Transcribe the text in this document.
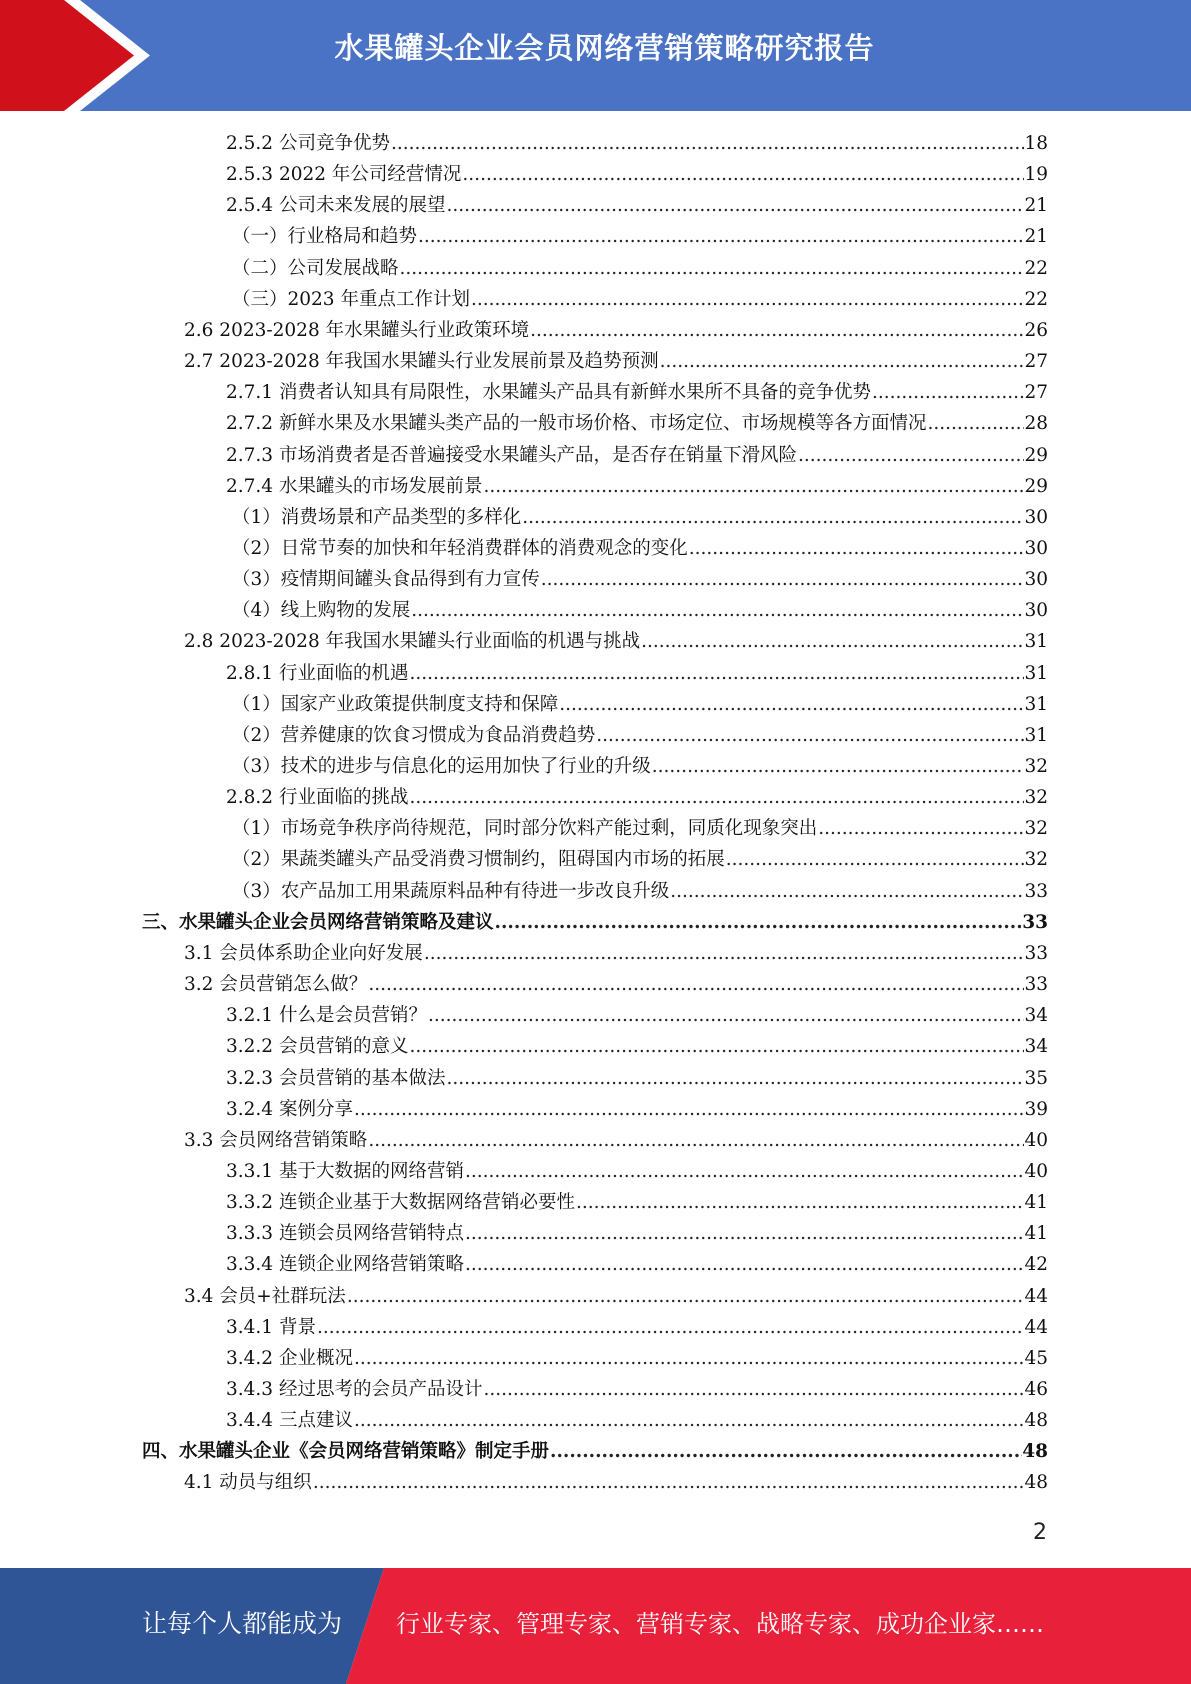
水果罐头企业会员网络营销策略研究报告
2.5.2 公司竞争优势 .....	18
2.5.3 2022 年公司经营情况 .....	19
2.5.4 公司未来发展的展望 .....	21
（一）行业格局和趋势 .....	21
（二）公司发展战略 .....	22
（三）2023 年重点工作计划 .....	22
2.6 2023-2028 年水果罐头行业政策环境 .....	26
2.7 2023-2028 年我国水果罐头行业发展前景及趋势预测 .....	27
2.7.1 消费者认知具有局限性，水果罐头产品具有新鲜水果所不具备的竞争优势 .....	27
2.7.2 新鲜水果及水果罐头类产品的一般市场价格、市场定位、市场规模等各方面情况 .....	28
2.7.3 市场消费者是否普遍接受水果罐头产品，是否存在销量下滑风险 .....	29
2.7.4 水果罐头的市场发展前景 .....	29
（1）消费场景和产品类型的多样化 .....	30
（2）日常节奏的加快和年轻消费群体的消费观念的变化 .....	30
（3）疫情期间罐头食品得到有力宣传 .....	30
（4）线上购物的发展 .....	30
2.8 2023-2028 年我国水果罐头行业面临的机遇与挑战 .....	31
2.8.1 行业面临的机遇 .....	31
（1）国家产业政策提供制度支持和保障 .....	31
（2）营养健康的饮食习惯成为食品消费趋势 .....	31
（3）技术的进步与信息化的运用加快了行业的升级 .....	32
2.8.2 行业面临的挑战 .....	32
（1）市场竞争秩序尚待规范，同时部分饮料产能过剩，同质化现象突出 .....	32
（2）果蔬类罐头产品受消费习惯制约，阻碍国内市场的拓展 .....	32
（3）农产品加工用果蔬原料品种有待进一步改良升级 .....	33
三、水果罐头企业会员网络营销策略及建议 .....	33
3.1 会员体系助企业向好发展 .....	33
3.2 会员营销怎么做？ .....	33
3.2.1 什么是会员营销？ .....	34
3.2.2 会员营销的意义 .....	34
3.2.3 会员营销的基本做法 .....	35
3.2.4 案例分享 .....	39
3.3 会员网络营销策略 .....	40
3.3.1 基于大数据的网络营销 .....	40
3.3.2 连锁企业基于大数据网络营销必要性 .....	41
3.3.3 连锁会员网络营销特点 .....	41
3.3.4 连锁企业网络营销策略 .....	42
3.4 会员+社群玩法 .....	44
3.4.1 背景 .....	44
3.4.2 企业概况 .....	45
3.4.3 经过思考的会员产品设计 .....	46
3.4.4 三点建议 .....	48
四、水果罐头企业《会员网络营销策略》制定手册 .....	48
4.1 动员与组织 .....	48
2
让每个人都能成为 行业专家、管理专家、营销专家、战略专家、成功企业家……
